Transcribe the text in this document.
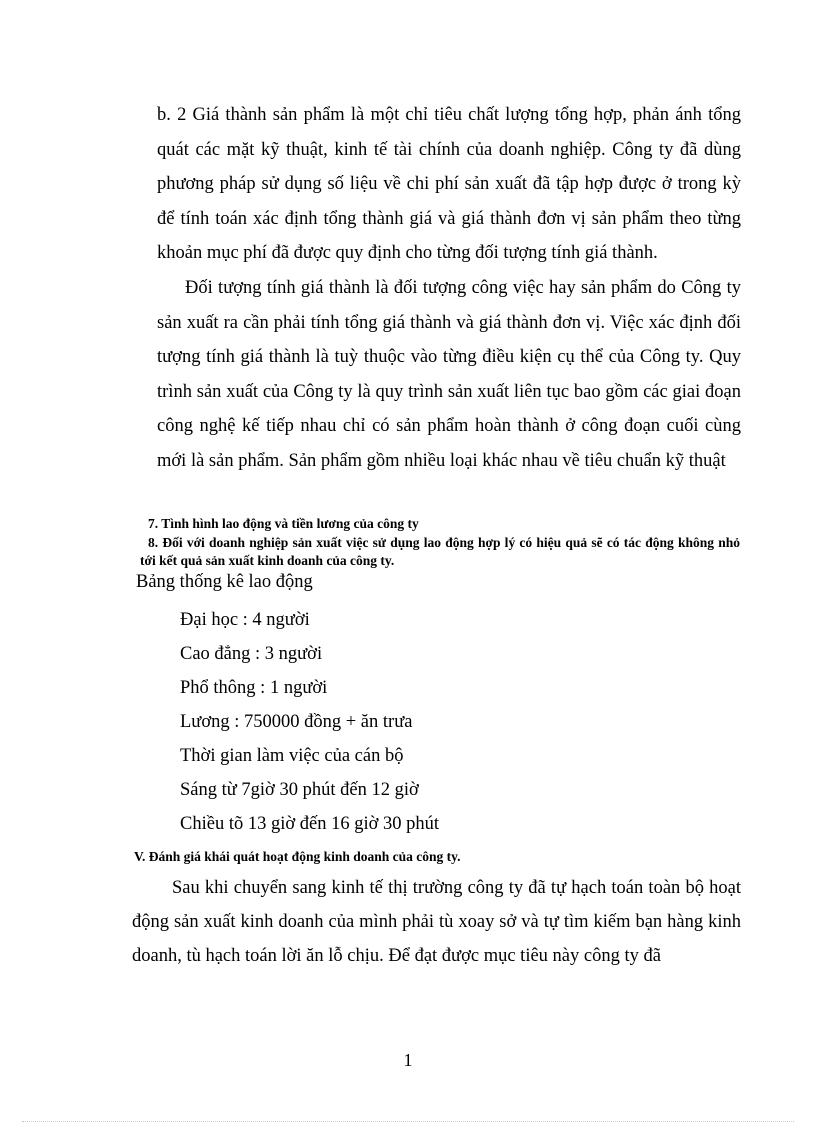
b. 2 Giá thành sản phẩm là một chỉ tiêu chất lượng tổng hợp, phản ánh tổng quát các mặt kỹ thuật, kinh tế tài chính của doanh nghiệp. Công ty đã dùng phương pháp sử dụng số liệu về chi phí sản xuất đã tập hợp được ở trong kỳ để tính toán xác định tổng thành giá và giá thành đơn vị sản phẩm theo từng khoản mục phí đã được quy định cho từng đối tượng tính giá thành.

Đối tượng tính giá thành là đối tượng công việc hay sản phẩm do Công ty sản xuất ra cần phải tính tổng giá thành và giá thành đơn vị. Việc xác định đối tượng tính giá thành là tuỳ thuộc vào từng điều kiện cụ thể của Công ty. Quy trình sản xuất của Công ty là quy trình sản xuất liên tục bao gồm các giai đoạn công nghệ kế tiếp nhau chỉ có sản phẩm hoàn thành ở công đoạn cuối cùng mới là sản phẩm. Sản phẩm gồm nhiều loại khác nhau về tiêu chuẩn kỹ thuật

7. Tình hình lao động và tiền lương của công ty

8. Đối với doanh nghiệp sản xuất việc sử dụng lao động hợp lý có hiệu quả sẽ có tác động không nhỏ tới kết quả sản xuất kinh doanh của công ty.

Bảng thống kê lao động

Đại học : 4 người
Cao đẳng : 3 người
Phổ thông : 1 người
Lương : 750000 đồng + ăn trưa
Thời gian làm việc của cán bộ
Sáng từ 7giờ 30 phút đến 12 giờ
Chiều tõ 13 giờ đến 16 giờ 30 phút

V. Đánh giá khái quát hoạt động kinh doanh của công ty.

Sau khi chuyển sang kinh tế thị trường công ty đã tự hạch toán toàn bộ hoạt động sản xuất kinh doanh của mình phải tù xoay sở và tự tìm kiếm bạn hàng kinh doanh, tù hạch toán lời ăn lỗ chịu. Để đạt được mục tiêu này công ty đã

1
